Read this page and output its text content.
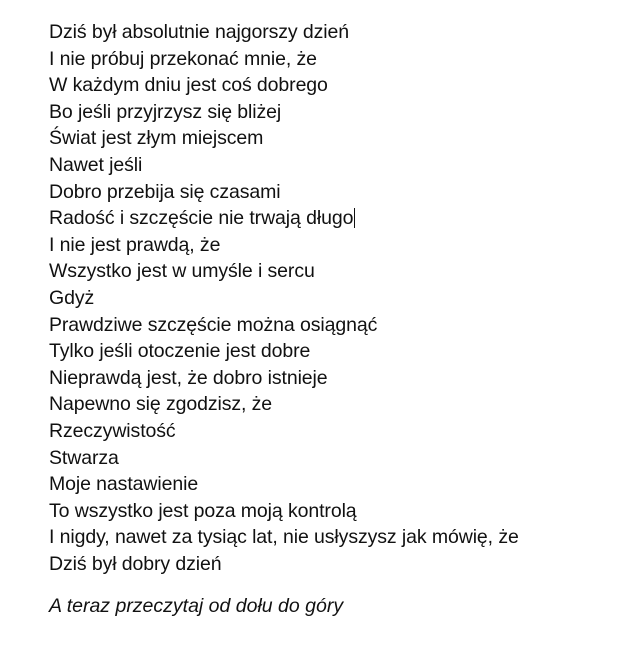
Dziś był absolutnie najgorszy dzień
I nie próbuj przekonać mnie, że
W każdym dniu jest coś dobrego
Bo jeśli przyjrzysz się bliżej
Świat jest złym miejscem
Nawet jeśli
Dobro przebija się czasami
Radość i szczęście nie trwają długo
I nie jest prawdą, że
Wszystko jest w umyśle i sercu
Gdyż
Prawdziwe szczęście można osiągnąć
Tylko jeśli otoczenie jest dobre
Nieprawdą jest, że dobro istnieje
Napewno się zgodzisz, że
Rzeczywistość
Stwarza
Moje nastawienie
To wszystko jest poza moją kontrolą
I nigdy, nawet za tysiąc lat, nie usłyszysz jak mówię, że
Dziś był dobry dzień
A teraz przeczytaj od dołu do góry
